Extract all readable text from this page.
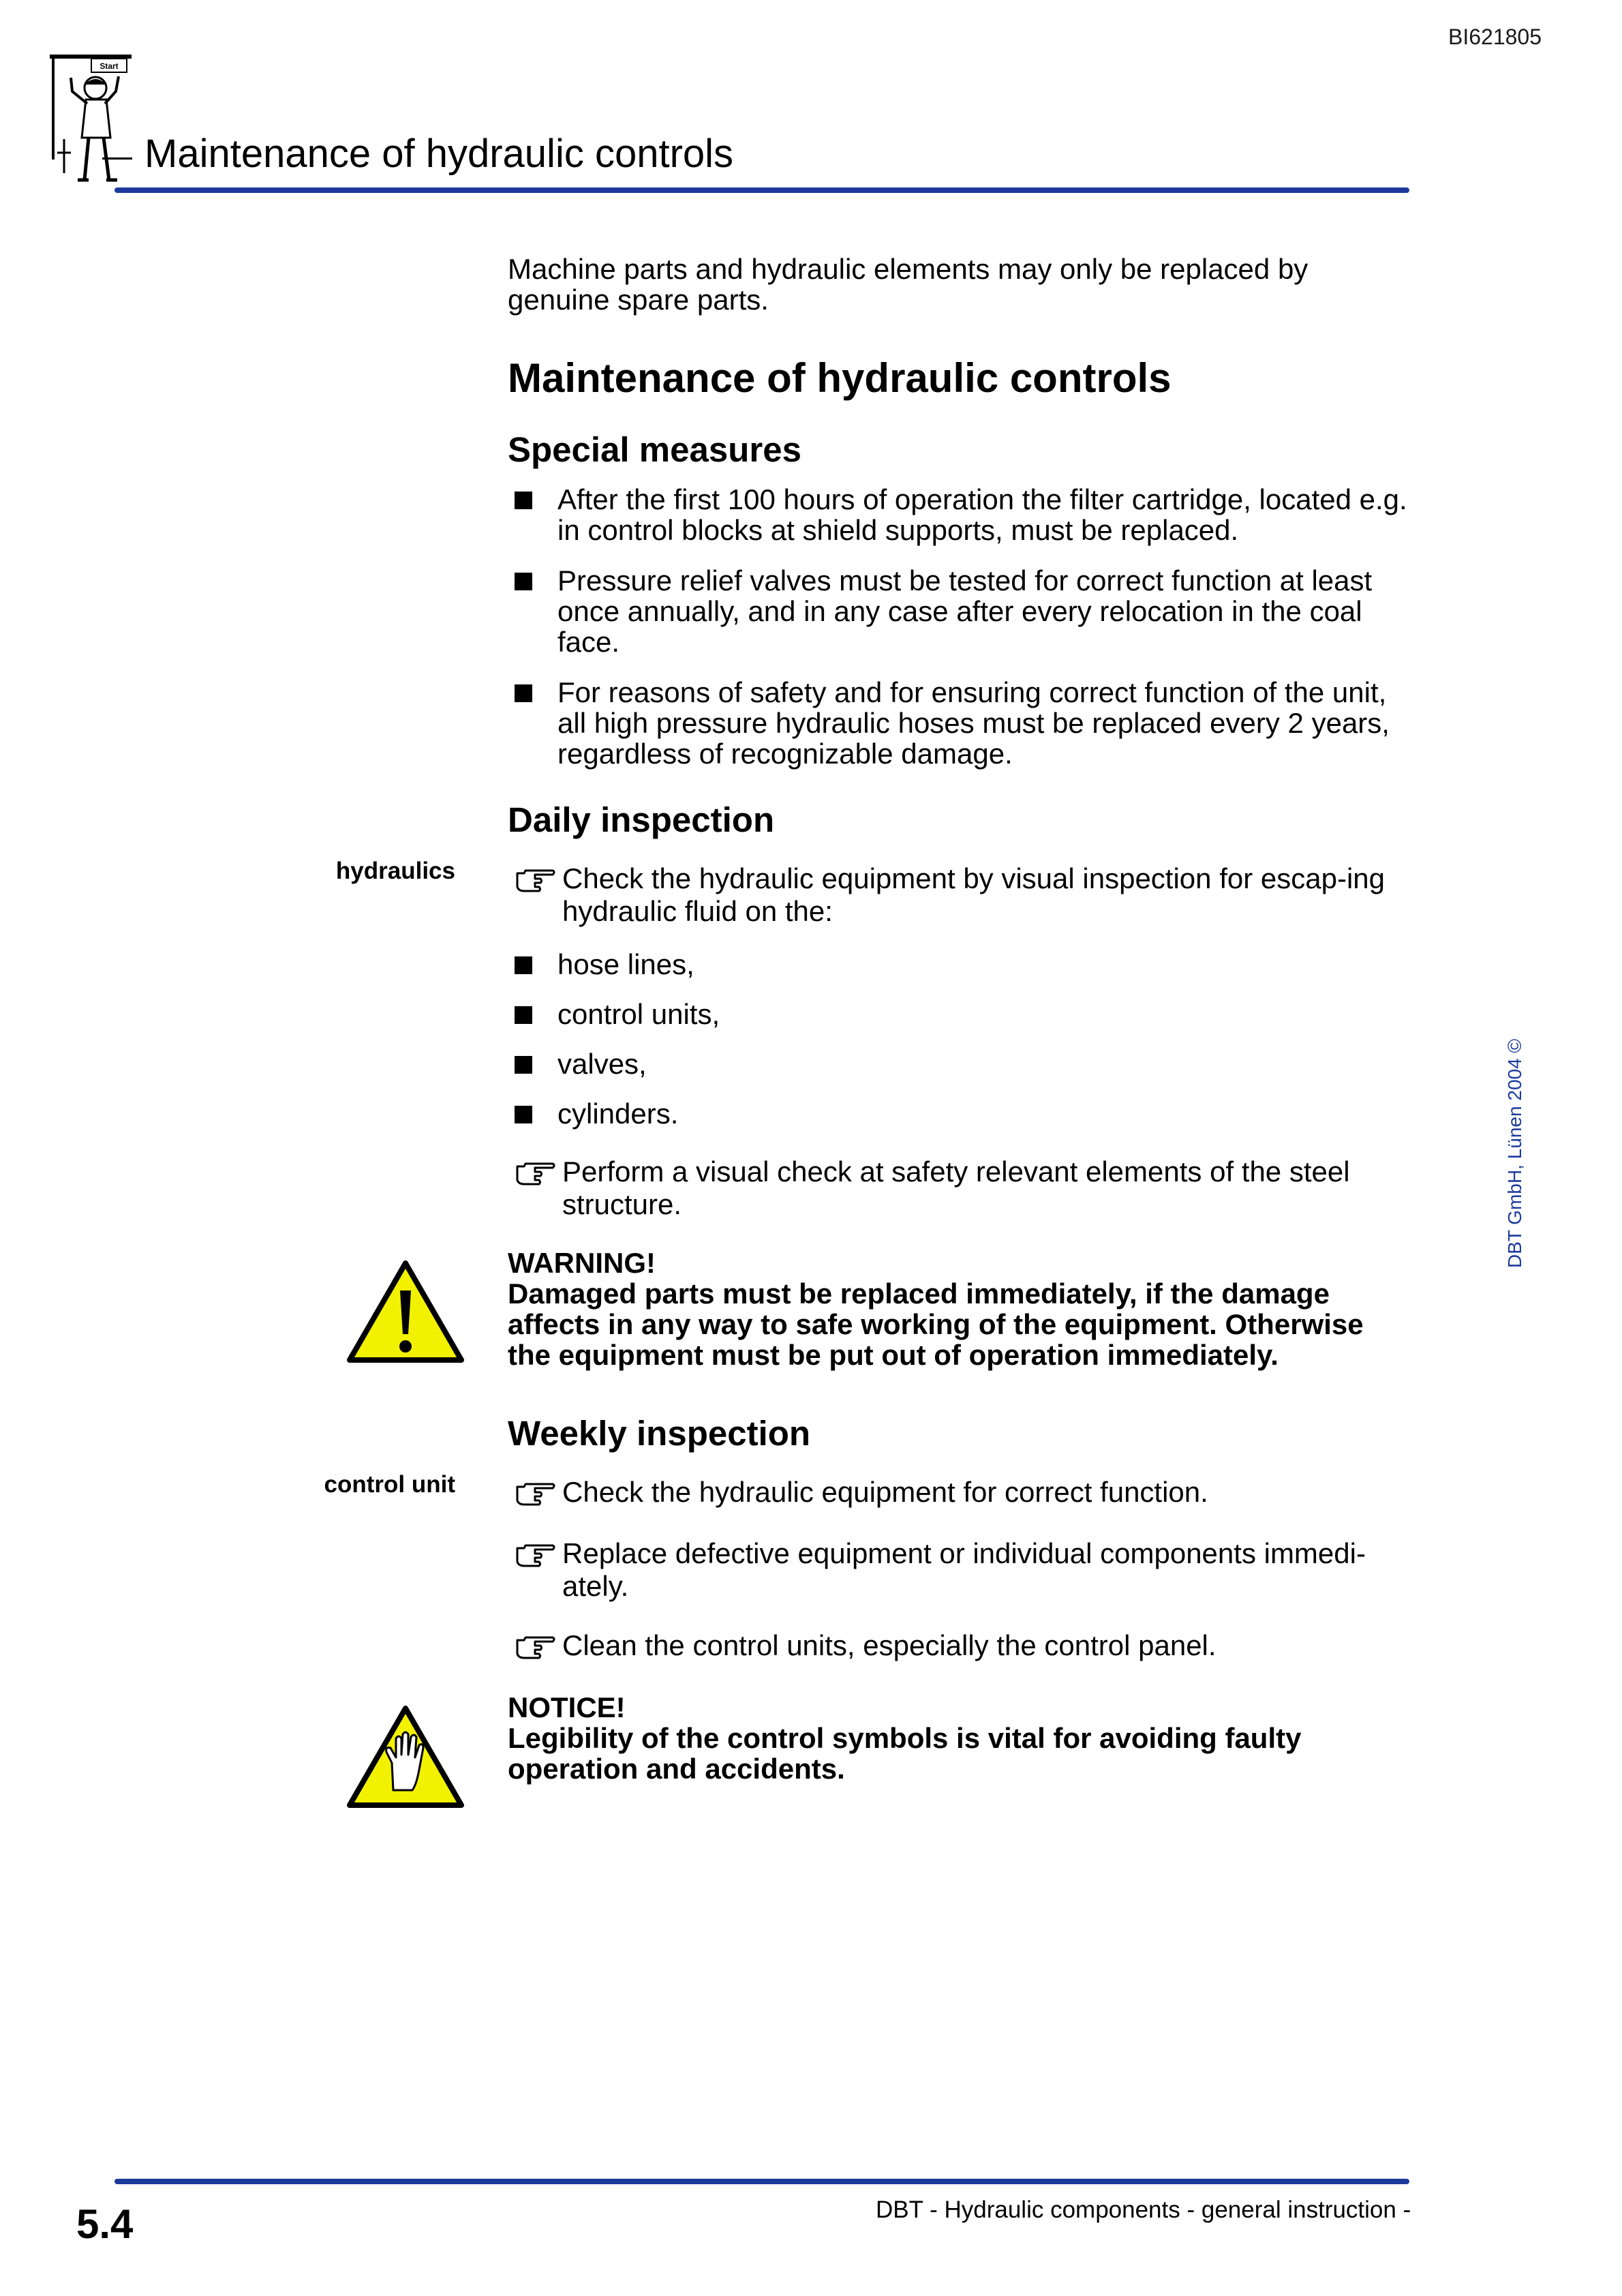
BI621805
Start
Maintenance of hydraulic controls

Machine parts and hydraulic elements may only be replaced by genuine spare parts.

Maintenance of hydraulic controls

Special measures

After the first 100 hours of operation the filter cartridge, located e.g. in control blocks at shield supports, must be replaced.
Pressure relief valves must be tested for correct function at least once annually, and in any case after every relocation in the coal face.
For reasons of safety and for ensuring correct function of the unit, all high pressure hydraulic hoses must be replaced every 2 years, regardless of recognizable damage.

Daily inspection

hydraulics	Check the hydraulic equipment by visual inspection for escap-ing hydraulic fluid on the:
hose lines,
control units,
valves,
cylinders.
Perform a visual check at safety relevant elements of the steel structure.
WARNING!
Damaged parts must be replaced immediately, if the damage affects in any way to safe working of the equipment. Otherwise the equipment must be put out of operation immediately.

Weekly inspection

control unit	Check the hydraulic equipment for correct function.
Replace defective equipment or individual components immedi-ately.
Clean the control units, especially the control panel.
NOTICE!
Legibility of the control symbols is vital for avoiding faulty operation and accidents.
DBT GmbH, Lünen 2004 ©
5.4	DBT - Hydraulic components - general instruction -
